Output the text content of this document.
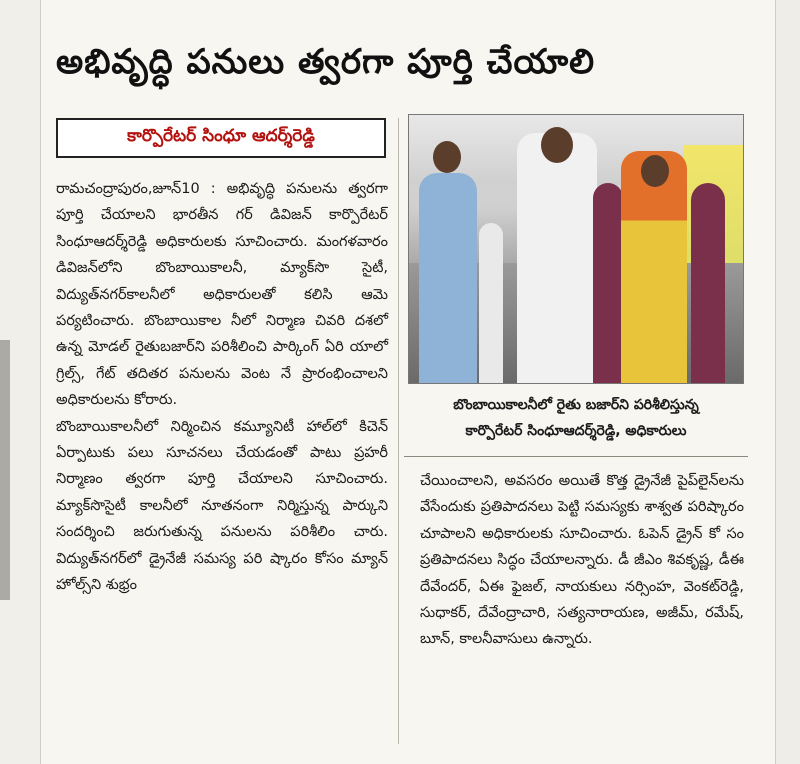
అభివృద్ధి పనులు త్వరగా పూర్తి చేయాలి
కార్పొరేటర్ సింధూ ఆదర్శ్‌రెడ్డి

రామచంద్రాపురం,జూన్10 : అభివృద్ధి పనులను త్వరగా పూర్తి చేయాలని భారతీన గర్ డివిజన్ కార్పొరేటర్ సింధూఆదర్శ్‌రెడ్డి అధికారులకు సూచించారు. మంగళవారం డివిజన్‌లోని బొంబాయికాలనీ, మ్యాక్‌సొ సైటీ, విద్యుత్‌నగర్‌కాలనీలో అధికారులతో కలిసి ఆమె పర్యటించారు. బొంబాయికాల నీలో నిర్మాణ చివరి దశలో ఉన్న మోడల్ రైతుబజార్‌ని పరిశీలించి పార్కింగ్ ఏరి యాలో గ్రిల్స్, గేట్ తదితర పనులను వెంట నే ప్రారంభించాలని అధికారులను కోరారు.

బొంబాయికాలనీలో నిర్మించిన కమ్యూనిటీ హాల్‌లో కిచెన్ ఏర్పాటుకు పలు సూచనలు చేయడంతో పాటు ప్రహరీ నిర్మాణం త్వరగా పూర్తి చేయాలని సూచించారు. మ్యాక్‌సొసైటీ కాలనీలో నూతనంగా నిర్మిస్తున్న పార్కుని సందర్శించి జరుగుతున్న పనులను పరిశీలిం చారు. విద్యుత్‌నగర్‌లో డ్రైనేజీ సమస్య పరి ష్కారం కోసం మ్యాన్ హోల్స్‌ని శుభ్రం

బొంబాయికాలనీలో రైతు బజార్‌ని పరిశీలిస్తున్న
కార్పొరేటర్ సింధూఆదర్శ్‌రెడ్డి, అధికారులు

చేయించాలని, అవసరం అయితే కొత్త డ్రైనేజీ పైప్‌లైన్‌లను వేసేందుకు ప్రతిపాదనలు పెట్టి సమస్యకు శాశ్వత పరిష్కారం చూపాలని అధికారులకు సూచించారు. ఓపెన్ డ్రైన్ కో సం ప్రతిపాదనలు సిద్ధం చేయాలన్నారు. డీ జీఎం శివకృష్ణ, డీఈ దేవేందర్, ఏఈ ఫైజల్, నాయకులు నర్సింహ, వెంకట్‌రెడ్డి, సుధాకర్, దేవేంద్రాచారి, సత్యనారాయణ, అజీమ్, రమేష్, బూన్, కాలనీవాసులు ఉన్నారు.
